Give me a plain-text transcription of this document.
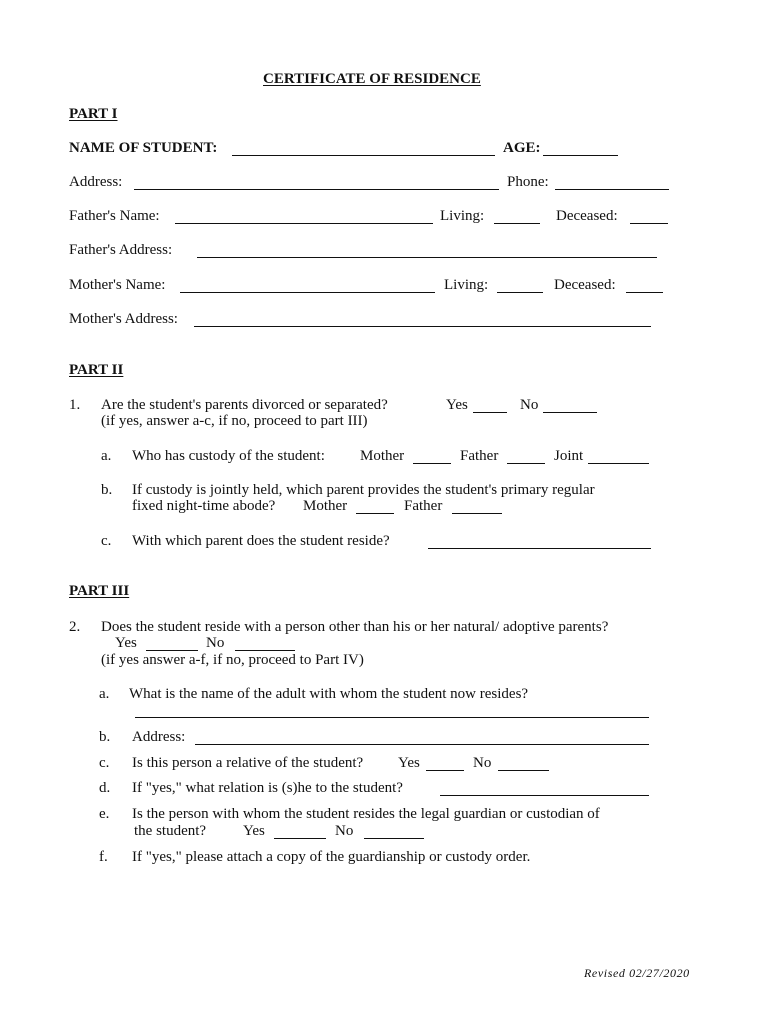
CERTIFICATE OF RESIDENCE
PART I
NAME OF STUDENT:	AGE:
Address:	Phone:
Father's Name:	Living:	Deceased:
Father's Address:
Mother's Name:	Living:	Deceased:
Mother's Address:
PART II
1. Are the student's parents divorced or separated?	Yes	No
(if yes, answer a-c, if no, proceed to part III)
a. Who has custody of the student: Mother	Father	Joint
b. If custody is jointly held, which parent provides the student's primary regular
fixed night-time abode? Mother	Father
c. With which parent does the student reside?
PART III
2. Does the student reside with a person other than his or her natural/ adoptive parents?
Yes	No
(if yes answer a-f, if no, proceed to Part IV)
a. What is the name of the adult with whom the student now resides?
b. Address:
c. Is this person a relative of the student? Yes	No
d. If "yes," what relation is (s)he to the student?
e. Is the person with whom the student resides the legal guardian or custodian of
the student? Yes	No
f. If "yes," please attach a copy of the guardianship or custody order.
Revised 02/27/2020
